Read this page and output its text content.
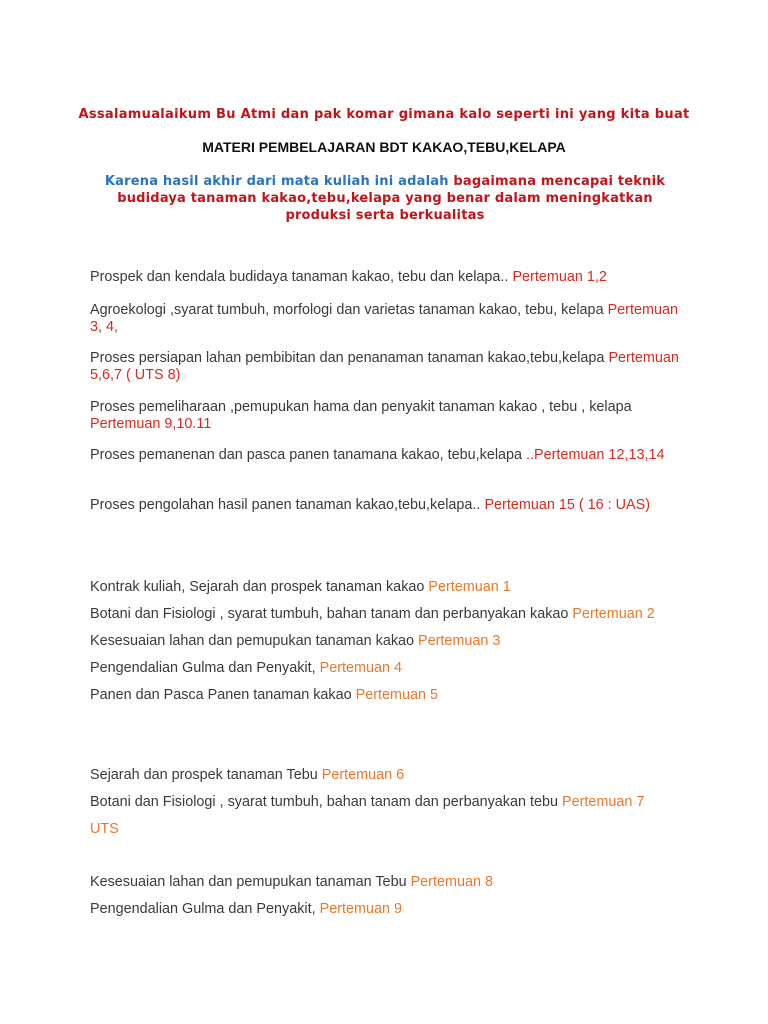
Assalamualaikum Bu Atmi dan pak komar gimana kalo seperti ini yang kita buat
MATERI PEMBELAJARAN BDT KAKAO,TEBU,KELAPA
Karena hasil akhir dari mata kuliah ini adalah bagaimana mencapai teknik budidaya tanaman kakao,tebu,kelapa yang benar dalam meningkatkan produksi serta berkualitas
Prospek dan kendala budidaya tanaman kakao, tebu dan kelapa.. Pertemuan 1,2
Agroekologi ,syarat tumbuh, morfologi dan varietas tanaman kakao, tebu, kelapa Pertemuan 3, 4,
Proses persiapan lahan pembibitan dan penanaman tanaman kakao,tebu,kelapa Pertemuan 5,6,7 ( UTS 8)
Proses pemeliharaan ,pemupukan hama dan penyakit tanaman kakao , tebu , kelapa Pertemuan 9,10.11
Proses pemanenan dan pasca panen tanamana kakao, tebu,kelapa ..Pertemuan 12,13,14
Proses pengolahan hasil panen tanaman kakao,tebu,kelapa.. Pertemuan 15 ( 16 : UAS)
Kontrak kuliah, Sejarah dan prospek tanaman kakao Pertemuan 1
Botani dan Fisiologi , syarat tumbuh, bahan tanam dan perbanyakan kakao Pertemuan 2
Kesesuaian lahan dan pemupukan tanaman kakao Pertemuan 3
Pengendalian Gulma dan Penyakit, Pertemuan 4
Panen dan Pasca Panen tanaman kakao Pertemuan 5
Sejarah dan prospek tanaman Tebu Pertemuan 6
Botani dan Fisiologi , syarat tumbuh, bahan tanam dan perbanyakan tebu Pertemuan 7 UTS
Kesesuaian lahan dan pemupukan tanaman Tebu Pertemuan 8
Pengendalian Gulma dan Penyakit, Pertemuan 9
